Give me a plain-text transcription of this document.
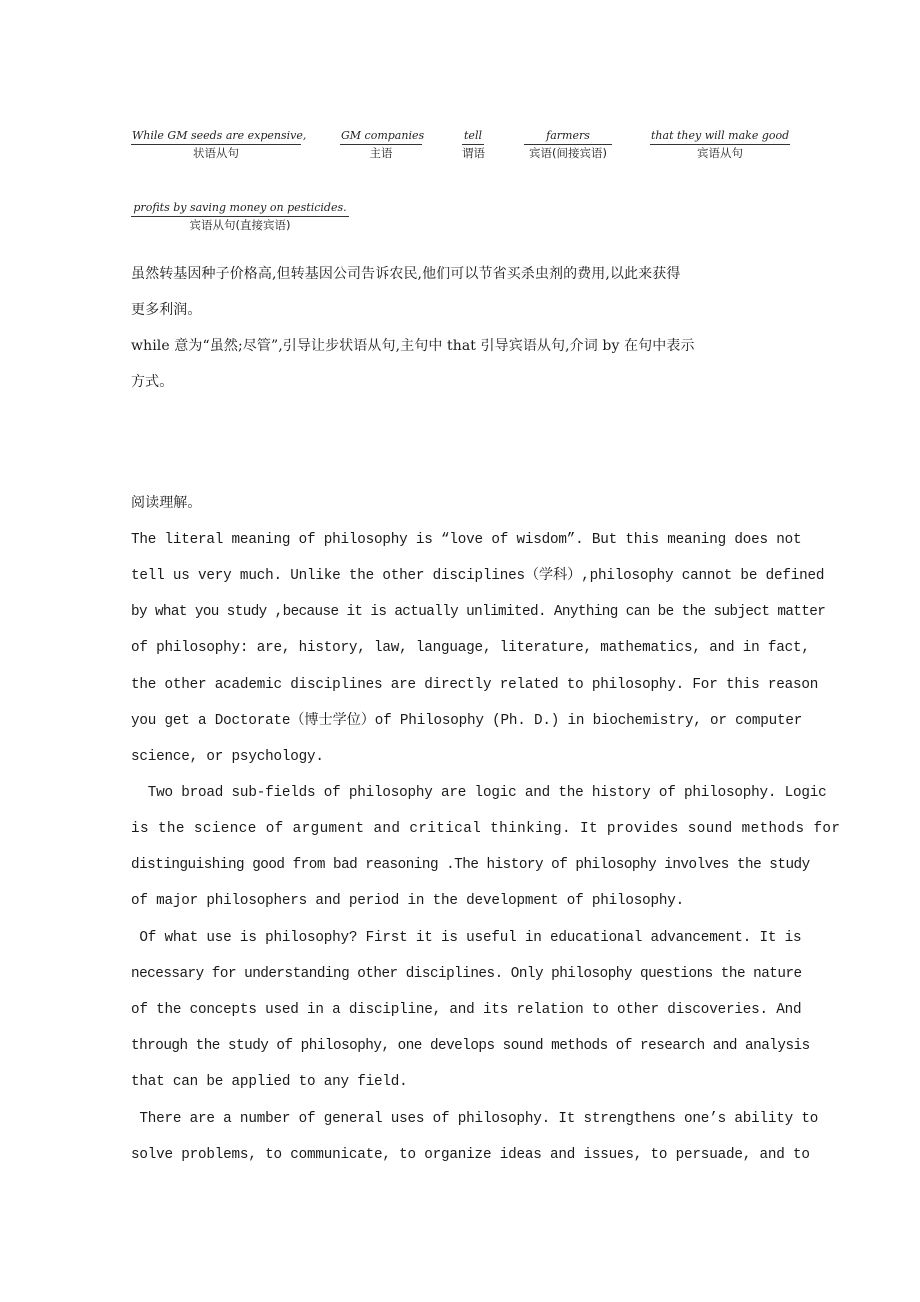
While GM seeds are expensive,
状语从句
GM companies
主语
tell
谓语
farmers
宾语(间接宾语)
that they will make good
宾语从句
profits by saving money on pesticides.
宾语从句(直接宾语)
虽然转基因种子价格高,但转基因公司告诉农民,他们可以节省买杀虫剂的费用,以此来获得
更多利润。
while 意为“虽然;尽管”,引导让步状语从句,主句中 that 引导宾语从句,介词 by 在句中表示
方式。
阅读理解。
The literal meaning of philosophy is “love of wisdom”. But this meaning does not
tell us very much. Unlike the other disciplines（学科）,philosophy cannot be defined
by what you study ,because it is actually unlimited. Anything can be the subject matter
of philosophy: are, history, law, language, literature, mathematics, and in fact,
the other academic disciplines are directly related to philosophy. For this reason
you get a Doctorate（博士学位）of Philosophy (Ph. D.) in biochemistry, or computer
science, or psychology.
Two broad sub-fields of philosophy are logic and the history of philosophy. Logic
is the science of argument and critical thinking. It provides sound methods for
distinguishing good from bad reasoning .The history of philosophy involves the study
of major philosophers and period in the development of philosophy.
Of what use is philosophy? First it is useful in educational advancement. It is
necessary for understanding other disciplines. Only philosophy questions the nature
of the concepts used in a discipline, and its relation to other discoveries. And
through the study of philosophy, one develops sound methods of research and analysis
that can be applied to any field.
There are a number of general uses of philosophy. It strengthens one’s ability to
solve problems, to communicate, to organize ideas and issues, to persuade, and to
